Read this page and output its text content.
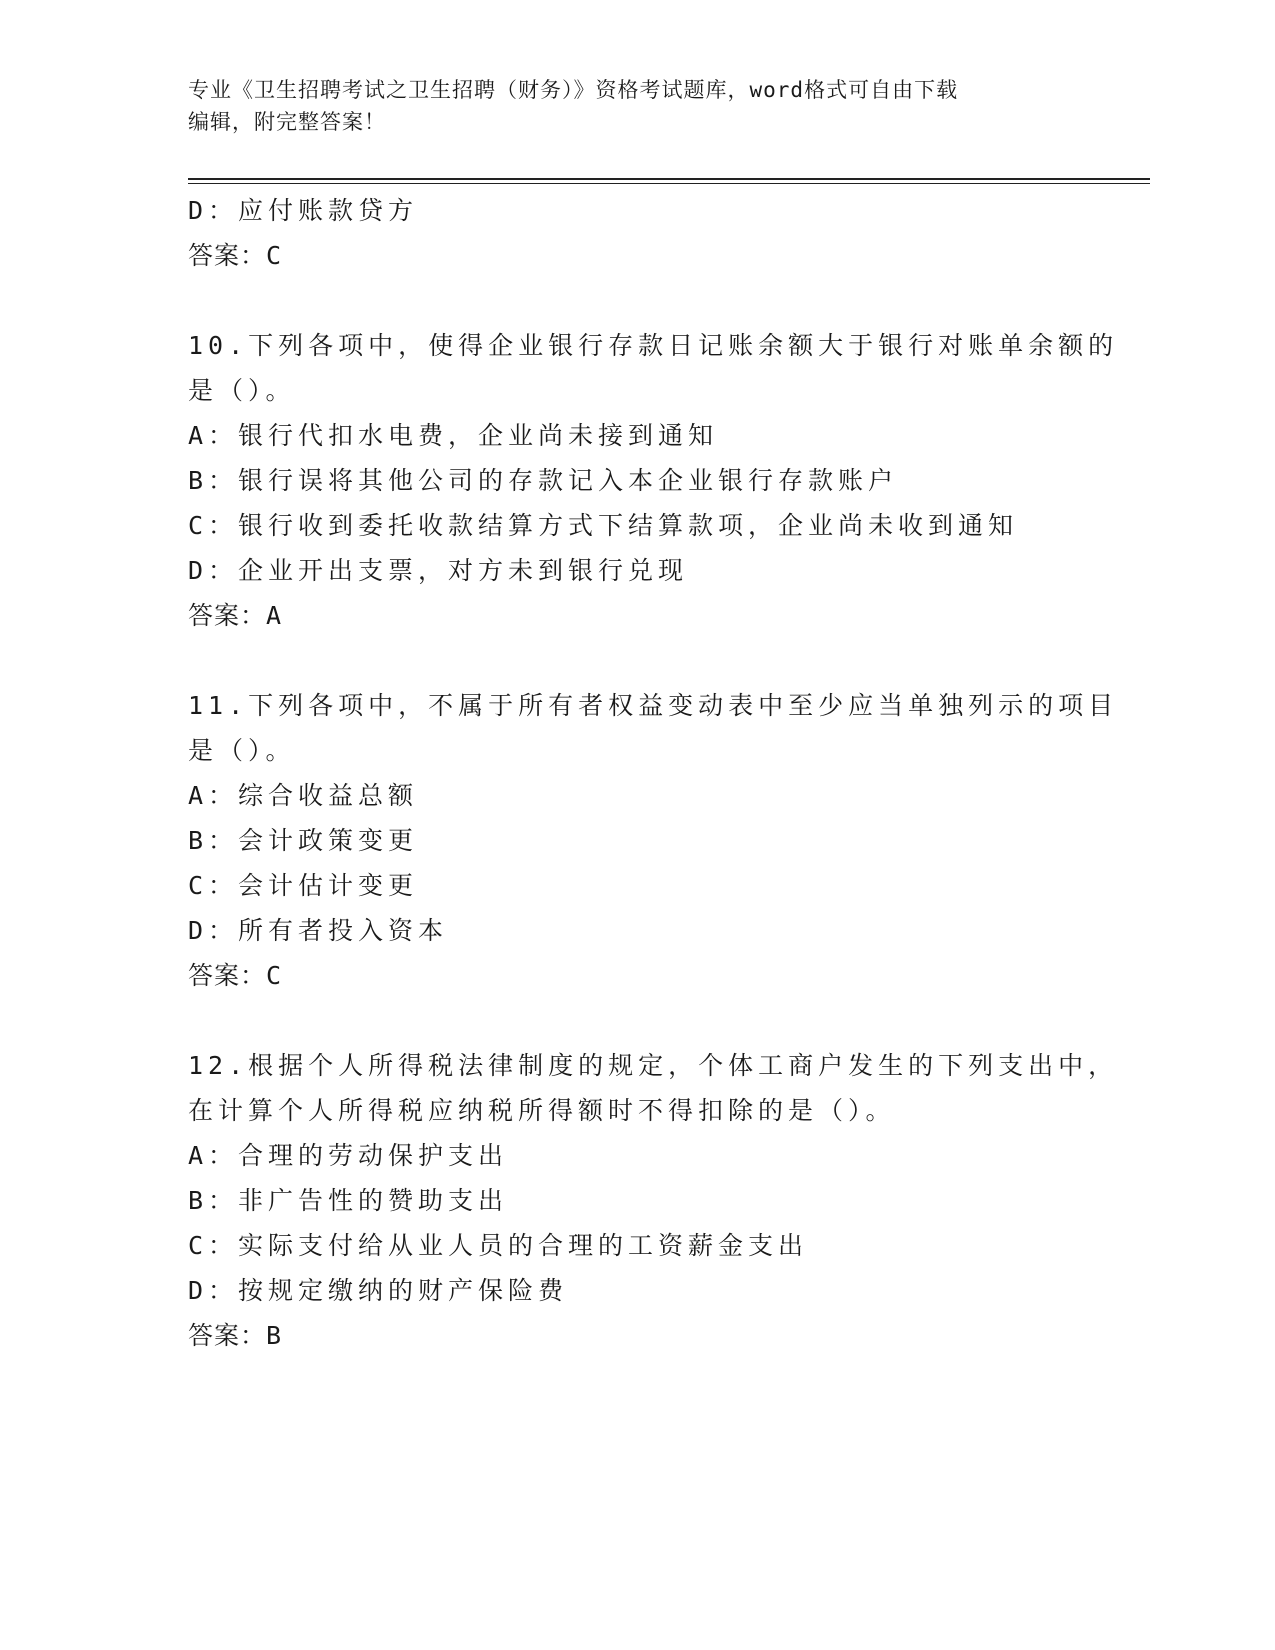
专业《卫生招聘考试之卫生招聘（财务）》资格考试题库，word格式可自由下载
编辑，附完整答案！

D：应付账款贷方

答案：C

10.下列各项中，使得企业银行存款日记账余额大于银行对账单余额的

是（）。

A：银行代扣水电费，企业尚未接到通知

B：银行误将其他公司的存款记入本企业银行存款账户

C：银行收到委托收款结算方式下结算款项，企业尚未收到通知

D：企业开出支票，对方未到银行兑现

答案：A

11.下列各项中，不属于所有者权益变动表中至少应当单独列示的项目

是（）。

A：综合收益总额

B：会计政策变更

C：会计估计变更

D：所有者投入资本

答案：C

12.根据个人所得税法律制度的规定，个体工商户发生的下列支出中，

在计算个人所得税应纳税所得额时不得扣除的是（）。

A：合理的劳动保护支出

B：非广告性的赞助支出

C：实际支付给从业人员的合理的工资薪金支出

D：按规定缴纳的财产保险费

答案：B
